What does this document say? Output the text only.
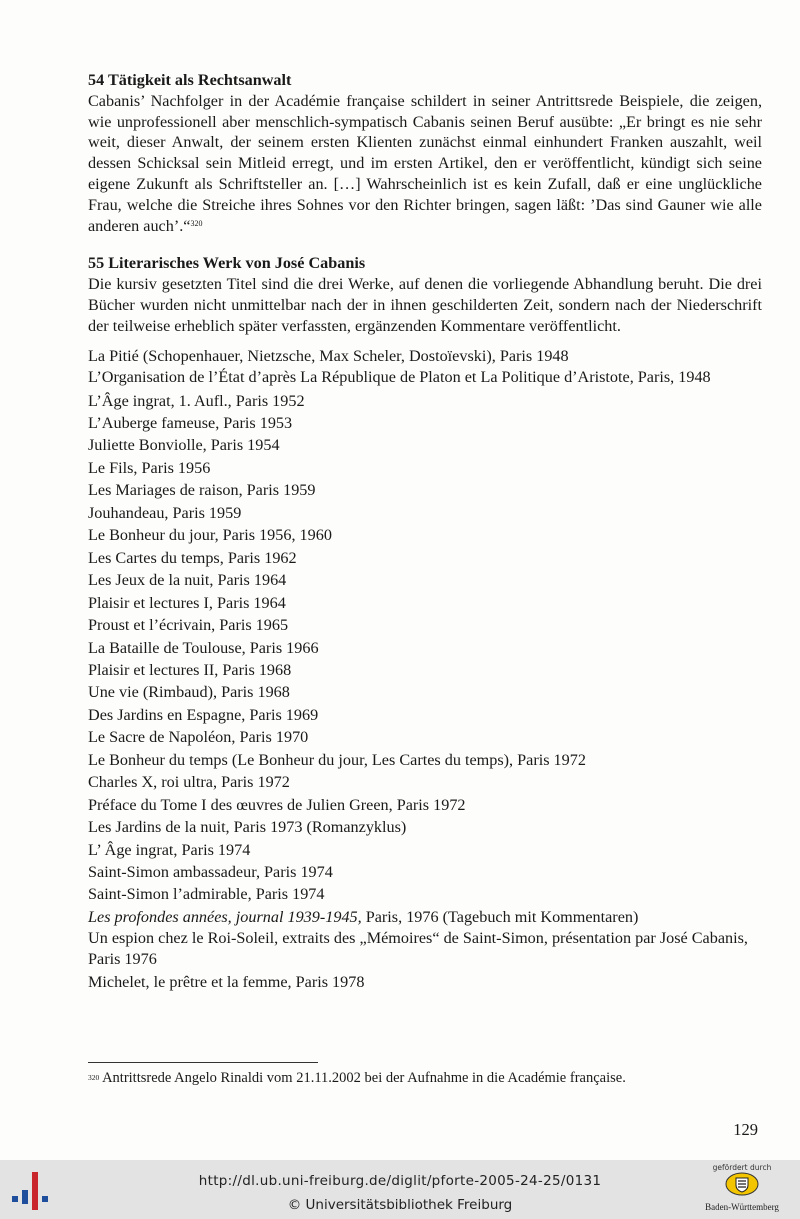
54 Tätigkeit als Rechtsanwalt

Cabanis’ Nachfolger in der Académie française schildert in seiner Antrittsrede Beispiele, die zeigen, wie unprofessionell aber menschlich-sympatisch Cabanis seinen Beruf ausübte: „Er bringt es nie sehr weit, dieser Anwalt, der seinem ersten Klienten zunächst einmal einhundert Franken auszahlt, weil dessen Schicksal sein Mitleid erregt, und im ersten Artikel, den er veröffentlicht, kündigt sich seine eigene Zukunft als Schriftsteller an. […] Wahrscheinlich ist es kein Zufall, daß er eine unglückliche Frau, welche die Streiche ihres Sohnes vor den Richter bringen, sagen läßt: ’Das sind Gauner wie alle anderen auch’.“$^{320}$

55 Literarisches Werk von José Cabanis

Die kursiv gesetzten Titel sind die drei Werke, auf denen die vorliegende Abhandlung beruht. Die drei Bücher wurden nicht unmittelbar nach der in ihnen geschilderten Zeit, sondern nach der Niederschrift der teilweise erheblich später verfassten, ergänzenden Kommentare veröffentlicht.

La Pitié (Schopenhauer, Nietzsche, Max Scheler, Dostoïevski), Paris 1948
L’Organisation de l’État d’après La République de Platon et La Politique d’Aristote, Paris, 1948
L’Âge ingrat, 1. Aufl., Paris 1952
L’Auberge fameuse, Paris 1953
Juliette Bonviolle, Paris 1954
Le Fils, Paris 1956
Les Mariages de raison, Paris 1959
Jouhandeau, Paris 1959
Le Bonheur du jour, Paris 1956, 1960
Les Cartes du temps, Paris 1962
Les Jeux de la nuit, Paris 1964
Plaisir et lectures I, Paris 1964
Proust et l’écrivain, Paris 1965
La Bataille de Toulouse, Paris 1966
Plaisir et lectures II, Paris 1968
Une vie (Rimbaud), Paris 1968
Des Jardins en Espagne, Paris 1969
Le Sacre de Napoléon, Paris 1970
Le Bonheur du temps (Le Bonheur du jour, Les Cartes du temps), Paris 1972
Charles X, roi ultra, Paris 1972
Préface du Tome I des œuvres de Julien Green, Paris 1972
Les Jardins de la nuit, Paris 1973 (Romanzyklus)
L’ Âge ingrat, Paris 1974
Saint-Simon ambassadeur, Paris 1974
Saint-Simon l’admirable, Paris 1974
Les profondes années, journal 1939-1945, Paris, 1976 (Tagebuch mit Kommentaren)
Un espion chez le Roi-Soleil, extraits des „Mémoires“ de Saint-Simon, présentation par José Cabanis, Paris 1976
Michelet, le prêtre et la femme, Paris 1978
$^{320}$ Antrittsrede Angelo Rinaldi vom 21.11.2002 bei der Aufnahme in die Académie française.
129
http://dl.ub.uni-freiburg.de/diglit/pforte-2005-24-25/0131
© Universitätsbibliothek Freiburg
gefördert durch
Baden-Württemberg
